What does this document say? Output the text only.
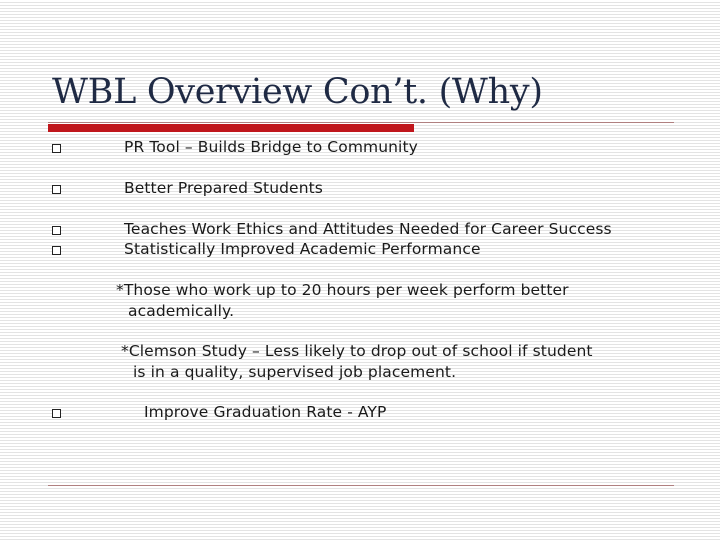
WBL Overview Con’t. (Why)
PR Tool – Builds Bridge to Community
Better Prepared Students
Teaches Work Ethics and Attitudes Needed for Career Success
Statistically Improved Academic Performance
*Those who work up to 20 hours per week perform better
academically.
*Clemson Study – Less likely to drop out of school if student
is in a quality, supervised job placement.
Improve Graduation Rate - AYP
